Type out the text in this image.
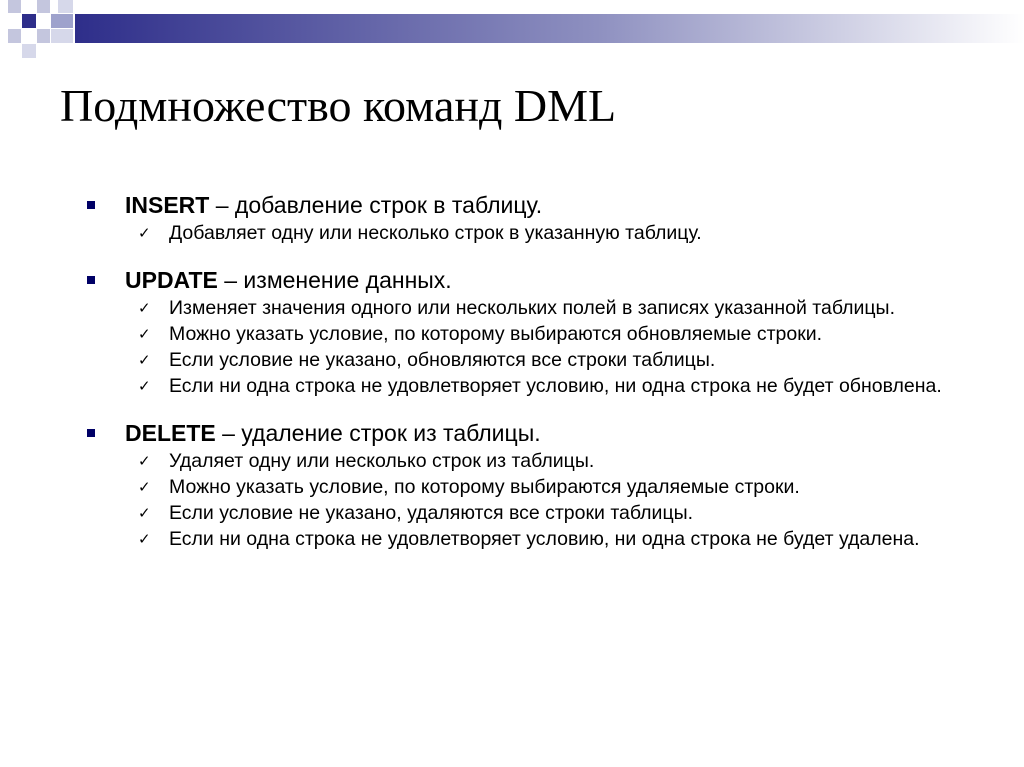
Подмножество команд DML
INSERT – добавление строк в таблицу.
✓ Добавляет одну или несколько строк в указанную таблицу.
UPDATE – изменение данных.
✓ Изменяет значения одного или нескольких полей в записях указанной таблицы.
✓ Можно указать условие, по которому выбираются обновляемые строки.
✓ Если условие не указано, обновляются все строки таблицы.
✓ Если ни одна строка не удовлетворяет условию, ни одна строка не будет обновлена.
DELETE – удаление строк из таблицы.
✓ Удаляет одну или несколько строк из таблицы.
✓ Можно указать условие, по которому выбираются удаляемые строки.
✓ Если условие не указано, удаляются все строки таблицы.
✓ Если ни одна строка не удовлетворяет условию, ни одна строка не будет удалена.
